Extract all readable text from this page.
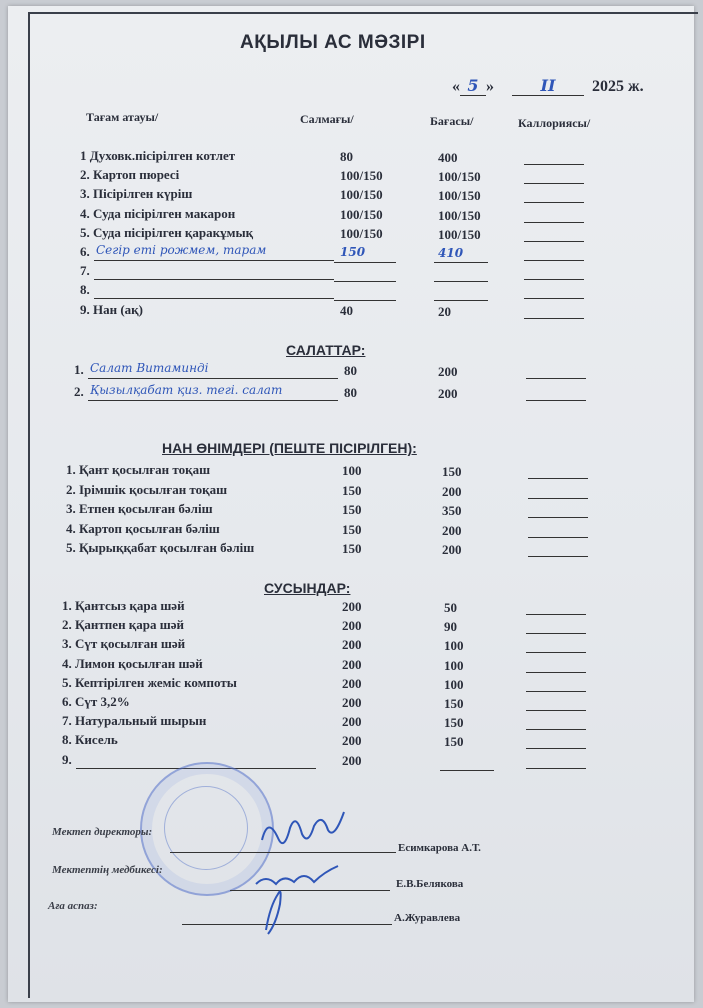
АҚЫЛЫ АС МӘЗІРІ
« 5 »	II 2025 ж.
Тағам атауы/	Салмағы/	Бағасы/	Каллориясы/
1 Духовк.пісірілген котлет	80	400
2. Картоп пюресі	100/150	100/150
3. Пісірілген күріш	100/150	100/150
4. Суда пісірілген макарон	100/150	100/150
5. Суда пісірілген қаракұмық	100/150	100/150
6. Сегір еті рожмем, тарам	150	410
7.
8.
9. Нан (ақ)	40	20
САЛАТТАР:
1. Салат Витаминдi	80	200
2. Қызылқабат қиз. тегі. салат	80	200
НАН ӨНІМДЕРІ (ПЕШТЕ ПІСІРІЛГЕН):
1. Қант қосылған тоқаш	100	150
2. Ірімшік қосылған тоқаш	150	200
3. Етпен қосылған бәліш	150	350
4. Картоп қосылған бәліш	150	200
5. Қырыққабат қосылған бәліш	150	200
СУСЫНДАР:
1. Қантсыз қара шәй	200	50
2. Қантпен қара шәй	200	90
3. Сүт қосылған шәй	200	100
4. Лимон қосылған шәй	200	100
5. Кептірілген жеміс компоты	200	100
6. Сүт 3,2%	200	150
7. Натуральный шырын	200	150
8. Кисель	200	150
9.	200
Мектеп директоры:
Есимкарова А.Т.
Мектептің медбикесі:
Е.В.Белякова
Аға аспаз:
А.Журавлева
